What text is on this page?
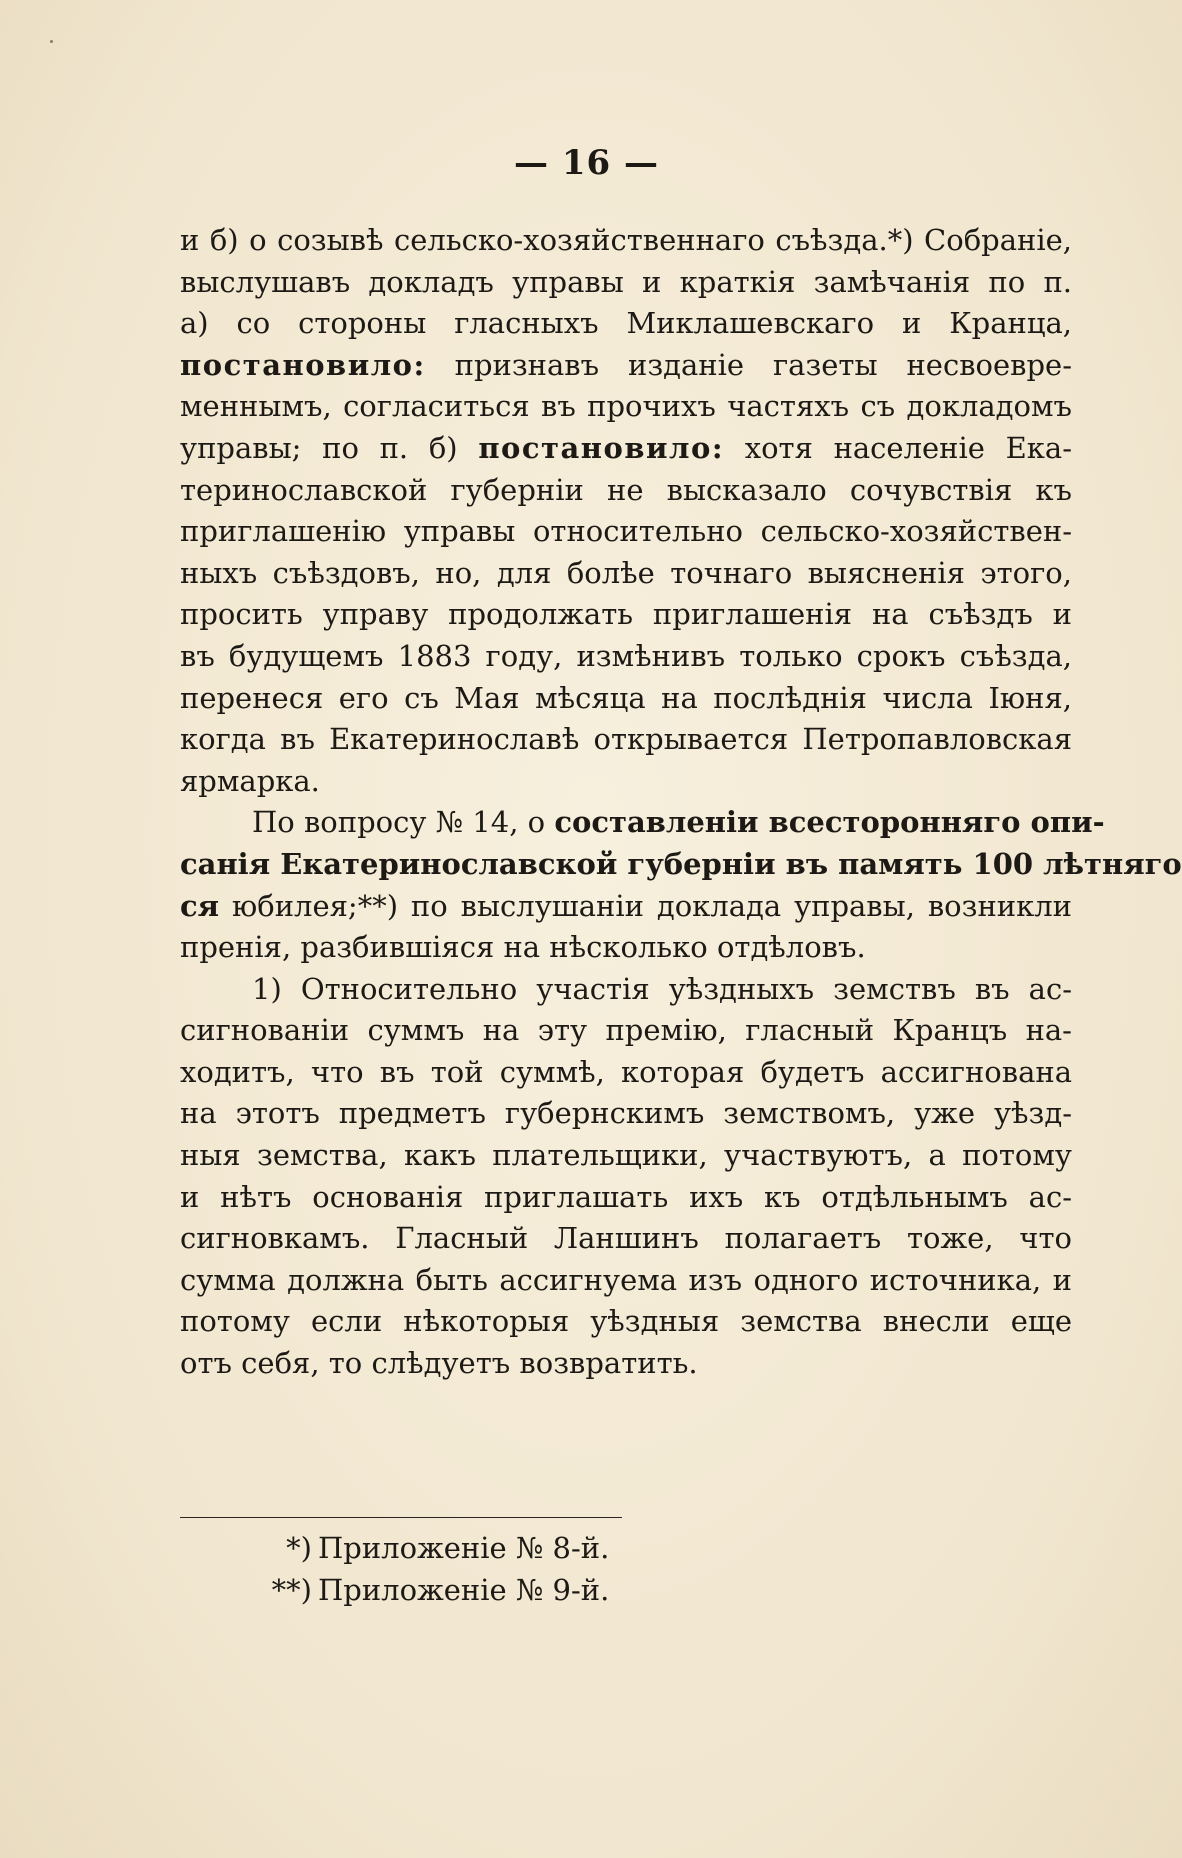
— 16 —
и б) о созывѣ сельско-хозяйственнаго съѣзда.*) Собраніе,
выслушавъ докладъ управы и краткія замѣчанія по п.
а) со стороны гласныхъ Миклашевскаго и Кранца,
постановило: признавъ изданіе газеты несвоевре-
меннымъ, согласиться въ прочихъ частяхъ съ докладомъ
управы; по п. б) постановило: хотя населеніе Ека-
теринославской губерніи не высказало сочувствія къ
приглашенію управы относительно сельско-хозяйствен-
ныхъ съѣздовъ, но, для болѣе точнаго выясненія этого,
просить управу продолжать приглашенія на съѣздъ и
въ будущемъ 1883 году, измѣнивъ только срокъ съѣзда,
перенеся его съ Мая мѣсяца на послѣднія числа Іюня,
когда въ Екатеринославѣ открывается Петропавловская
ярмарка.
По вопросу № 14, о составленіи всесторонняго опи-
санія Екатеринославской губерніи въ память 100 лѣтняго
ся юбилея;**) по выслушаніи доклада управы, возникли
пренія, разбившіяся на нѣсколько отдѣловъ.
1) Относительно участія уѣздныхъ земствъ въ ас-
сигнованіи суммъ на эту премію, гласный Кранцъ на-
ходитъ, что въ той суммѣ, которая будетъ ассигнована
на этотъ предметъ губернскимъ земствомъ, уже уѣзд-
ныя земства, какъ плательщики, участвуютъ, а потому
и нѣтъ основанія приглашать ихъ къ отдѣльнымъ ас-
сигновкамъ. Гласный Ланшинъ полагаетъ тоже, что
сумма должна быть ассигнуема изъ одного источника, и
потому если нѣкоторыя уѣздныя земства внесли еще
отъ себя, то слѣдуетъ возвратить.
*) Приложеніе № 8-й.
**) Приложеніе № 9-й.
